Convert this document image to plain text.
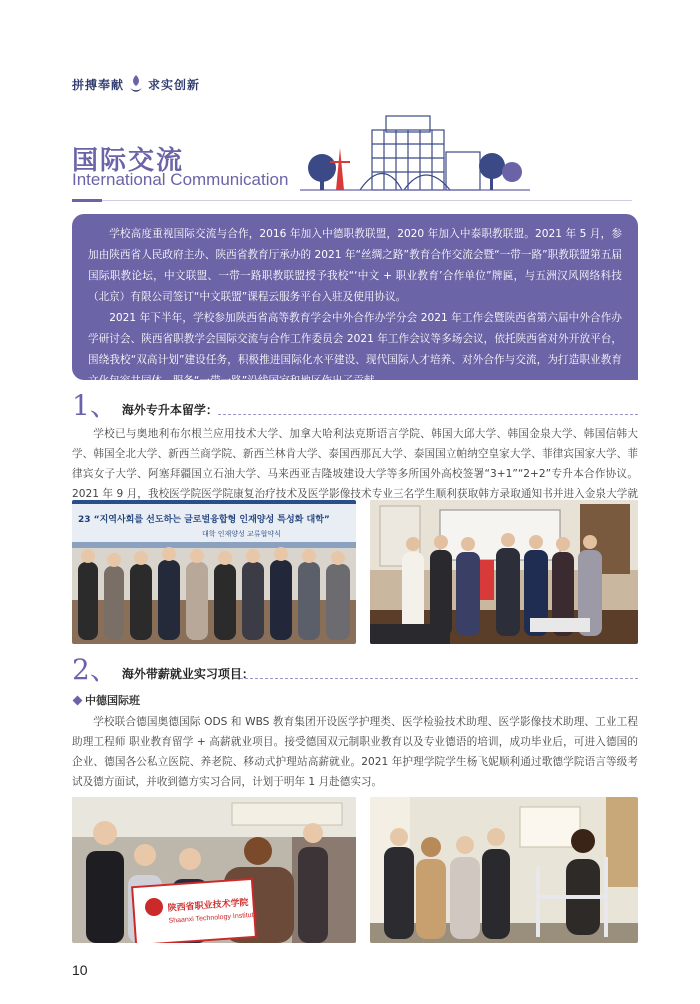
拼搏奉献 求实创新
国际交流
International Communication

学校高度重视国际交流与合作，2016 年加入中德职教联盟，2020 年加入中泰职教联盟。2021 年 5 月，参加由陕西省人民政府主办、陕西省教育厅承办的 2021 年“丝绸之路”教育合作交流会暨“一带一路”职教联盟第五届国际职教论坛，中文联盟、一带一路职教联盟授予我校“‘中文 + 职业教育’合作单位”牌匾，与五洲汉风网络科技（北京）有限公司签订“中文联盟”课程云服务平台入驻及使用协议。

2021 年下半年，学校参加陕西省高等教育学会中外合作办学分会 2021 年工作会暨陕西省第六届中外合作办学研讨会、陕西省职教学会国际交流与合作工作委员会 2021 年工作会议等多场会议，依托陕西省对外开放平台，围绕我校“双高计划”建设任务，积极推进国际化水平建设、现代国际人才培养、对外合作与交流，为打造职业教育文化包容共同体，服务“一带一路”沿线国家和地区作出了贡献。

1、 海外专升本留学：

学校已与奥地利布尔根兰应用技术大学、加拿大哈利法克斯语言学院、韩国大邱大学、韩国金泉大学、韩国信韩大学、韩国全北大学、新西兰商学院、新西兰林肯大学、泰国西那瓦大学、泰国国立帕纳空皇家大学、菲律宾国家大学、菲律宾女子大学、阿塞拜疆国立石油大学、马来西亚吉隆坡建设大学等多所国外高校签署“3+1”“2+2”专升本合作协议。2021 年 9 月，我校医学院医学院康复治疗技术及医学影像技术专业三名学生顺利获取韩方录取通知书并进入金泉大学就

23 “지역사회를 선도하는 글로벌융합형 인재양성 특성화 대학”
대학 인재양성 교류협약식
2、 海外带薪就业实习项目：
中德国际班

学校联合德国奥德国际 ODS 和 WBS 教育集团开设医学护理类、医学检验技术助理、医学影像技术助理、工业工程助理工程师 职业教育留学 + 高薪就业项目。接受德国双元制职业教育以及专业德语的培训，成功毕业后，可进入德国的企业、德国各公私立医院、养老院、移动式护理站高薪就业。2021 年护理学院学生杨飞妮顺利通过歌德学院语言等级考试及德方面试，并收到德方实习合同，计划于明年 1 月赴德实习。

陕西省职业技术学院
Shaanxi Technology Institute
10
